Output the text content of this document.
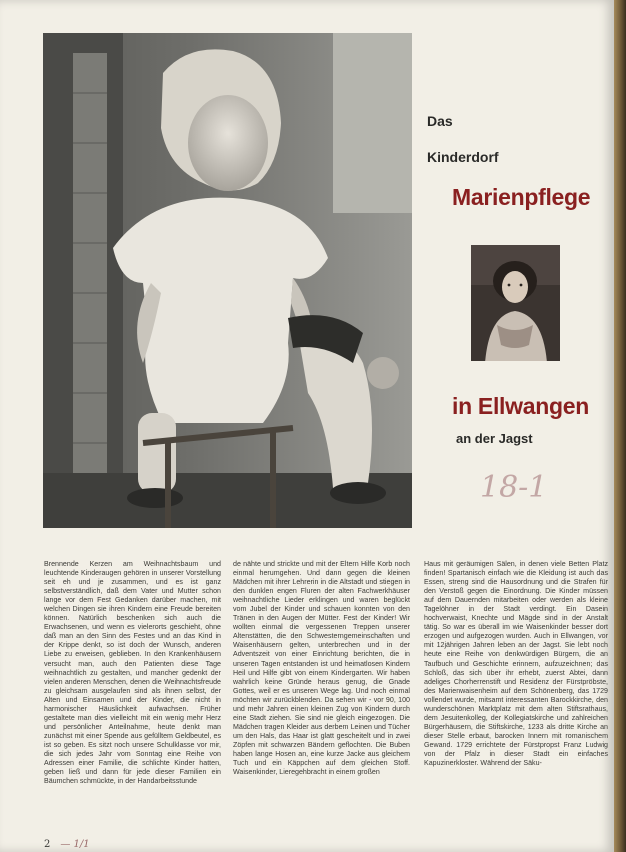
Das
Kinderdorf
Marienpflege
in Ellwangen
an der Jagst
18-1
Brennende Kerzen am Weihnachtsbaum und leuchtende Kinderaugen gehören in unserer Vorstellung seit eh und je zusammen, und es ist ganz selbstverständlich, daß dem Vater und Mutter schon lange vor dem Fest Gedanken darüber machen, mit welchen Dingen sie ihren Kindern eine Freude bereiten können. Natürlich beschenken sich auch die Erwachsenen, und wenn es vielerorts geschieht, ohne daß man an den Sinn des Festes und an das Kind in der Krippe denkt, so ist doch der Wunsch, anderen Liebe zu erweisen, geblieben. In den Krankenhäusern versucht man, auch den Patienten diese Tage weihnachtlich zu gestalten, und mancher gedenkt der vielen anderen Menschen, denen die Weihnachtsfreude zu gleichsam ausgelaufen sind als ihnen selbst, der Alten und Einsamen und der Kinder, die nicht in harmonischer Häuslichkeit aufwachsen. Früher gestaltete man dies vielleicht mit ein wenig mehr Herz und persönlicher Anteilnahme, heute denkt man zunächst mit einer Spende aus gefülltem Geldbeutel, es ist so geben. Es sitzt noch unsere Schulklasse vor mir, die sich jedes Jahr vom Sonntag eine Reihe von Adressen einer Familie, die schlichte Kinder hatten, geben ließ und dann für jede dieser Familien ein Bäumchen schmückte, in der Handarbeitsstunde
de nähte und strickte und mit der Eltern Hilfe Korb noch einmal herumgehen. Und dann gegen die kleinen Mädchen mit ihrer Lehrerin in die Altstadt und stiegen in den dunklen engen Fluren der alten Fachwerkhäuser weihnachtliche Lieder erklingen und waren beglückt vom Jubel der Kinder und schauen konnten von den Tränen in den Augen der Mütter. Fest der Kinder! Wir wollten einmal die vergessenen Treppen unserer Altenstätten, die den Schwesterngemeinschaften und Waisenhäusern gelten, unterbrechen und in der Adventszeit von einer Einrichtung berichten, die in unseren Tagen entstanden ist und heimatlosen Kindern Heil und Hilfe gibt von einem Kindergarten. Wir haben wahrlich keine Gründe heraus genug, die Gnade Gottes, weil er es unseren Wege lag. Und noch einmal möchten wir zurückblenden. Da sehen wir - vor 90, 100 und mehr Jahren einen kleinen Zug von Kindern durch eine Stadt ziehen. Sie sind nie gleich eingezogen. Die Mädchen tragen Kleider aus derbem Leinen und Tücher um den Hals, das Haar ist glatt gescheitelt und in zwei Zöpfen mit schwarzen Bändern geflochten. Die Buben haben lange Hosen an, eine kurze Jacke aus gleichem Tuch und ein Käppchen auf dem gleichen Stoff. Waisenkinder, Lieregehbracht in einem großen
Haus mit geräumigen Sälen, in denen viele Betten Platz finden! Spartanisch einfach wie die Kleidung ist auch das Essen, streng sind die Hausordnung und die Strafen für den Verstoß gegen die Einordnung. Die Kinder müssen auf dem Dauernden mitarbeiten oder werden als kleine Tagelöhner in der Stadt verdingt. Ein Dasein hochverwaist, Knechte und Mägde sind in der Anstalt tätig. So war es überall im wie Waisenkinder besser dort erzogen und aufgezogen wurden. Auch in Ellwangen, vor mit 12jährigen Jahren leben an der Jagst. Sie lebt noch heute eine Reihe von denkwürdigen Bürgern, die an Taufbuch und Geschichte erinnern, aufzuzeichnen; das Schloß, das sich über ihr erhebt, zuerst Abtei, dann adeliges Chorherrenstift und Residenz der Fürstpröbste, des Marienwaisenheim auf dem Schönenberg, das 1729 vollendet wurde, mitsamt interessanten Barockkirche, den wunderschönen Marktplatz mit dem alten Stiftsrathaus, dem Jesuitenkolleg, der Kollegiatskirche und zahlreichen Bürgerhäusern, die Stiftskirche, 1233 als dritte Kirche an dieser Stelle erbaut, barocken Innern mit romanischem Gewand. 1729 errichtete der Fürstpropst Franz Ludwig von der Pfalz in dieser Stadt ein einfaches Kapuzinerkloster. Während der Säku-
2 — 1/1
